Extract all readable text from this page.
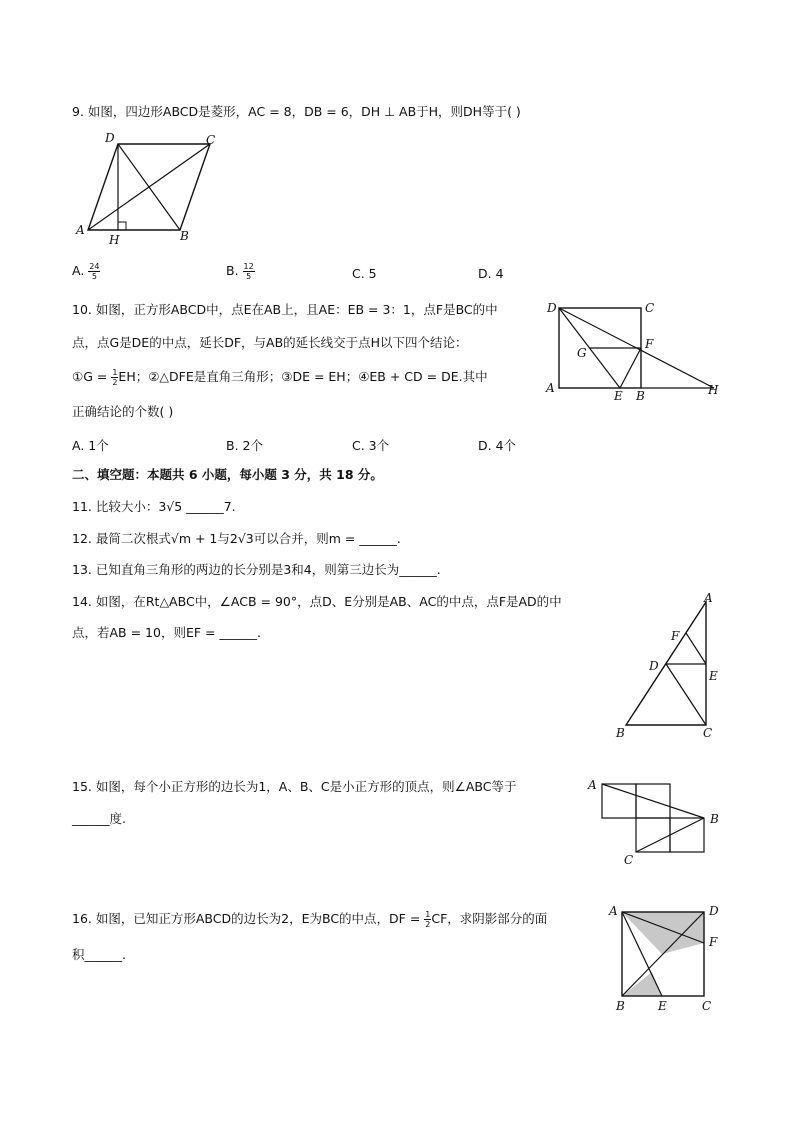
9. 如图，四边形ABCD是菱形，AC = 8，DB = 6，DH ⊥ AB于H，则DH等于( )
D	C
A
H	B
A. $\frac{24}{5}$	B. $\frac{12}{5}$	C. 5	D. 4
10. 如图，正方形ABCD中，点E在AB上，且AE：EB = 3：1，点F是BC的中
点，点G是DE的中点，延长DF，与AB的延长线交于点H以下四个结论：
①G = $\frac{1}{2}$ EH；②△DFE是直角三角形；③DE = EH；④EB + CD = DE.其中
正确结论的个数( )
D	C
G
F
A
E B	H
A. 1个	B. 2个	C. 3个	D. 4个
二、填空题：本题共 6 小题，每小题 3 分，共 18 分。
11. 比较大小：3√5 ______7.
12. 最简二次根式√m + 1与2√3可以合并，则m = ______.
13. 已知直角三角形的两边的长分别是3和4，则第三边长为______.
14. 如图，在Rt△ABC中，∠ACB = 90°，点D、E分别是AB、AC的中点，点F是AD的中
点，若AB = 10，则EF = ______.
A
F
D
E
B	C
15. 如图，每个小正方形的边长为1，A、B、C是小正方形的顶点，则∠ABC等于
______度.
A
B
C
16. 如图，已知正方形ABCD的边长为2，E为BC的中点，DF = $\frac{1}{2}$ CF，求阴影部分的面
积______.
A	D
F
B	E	C
